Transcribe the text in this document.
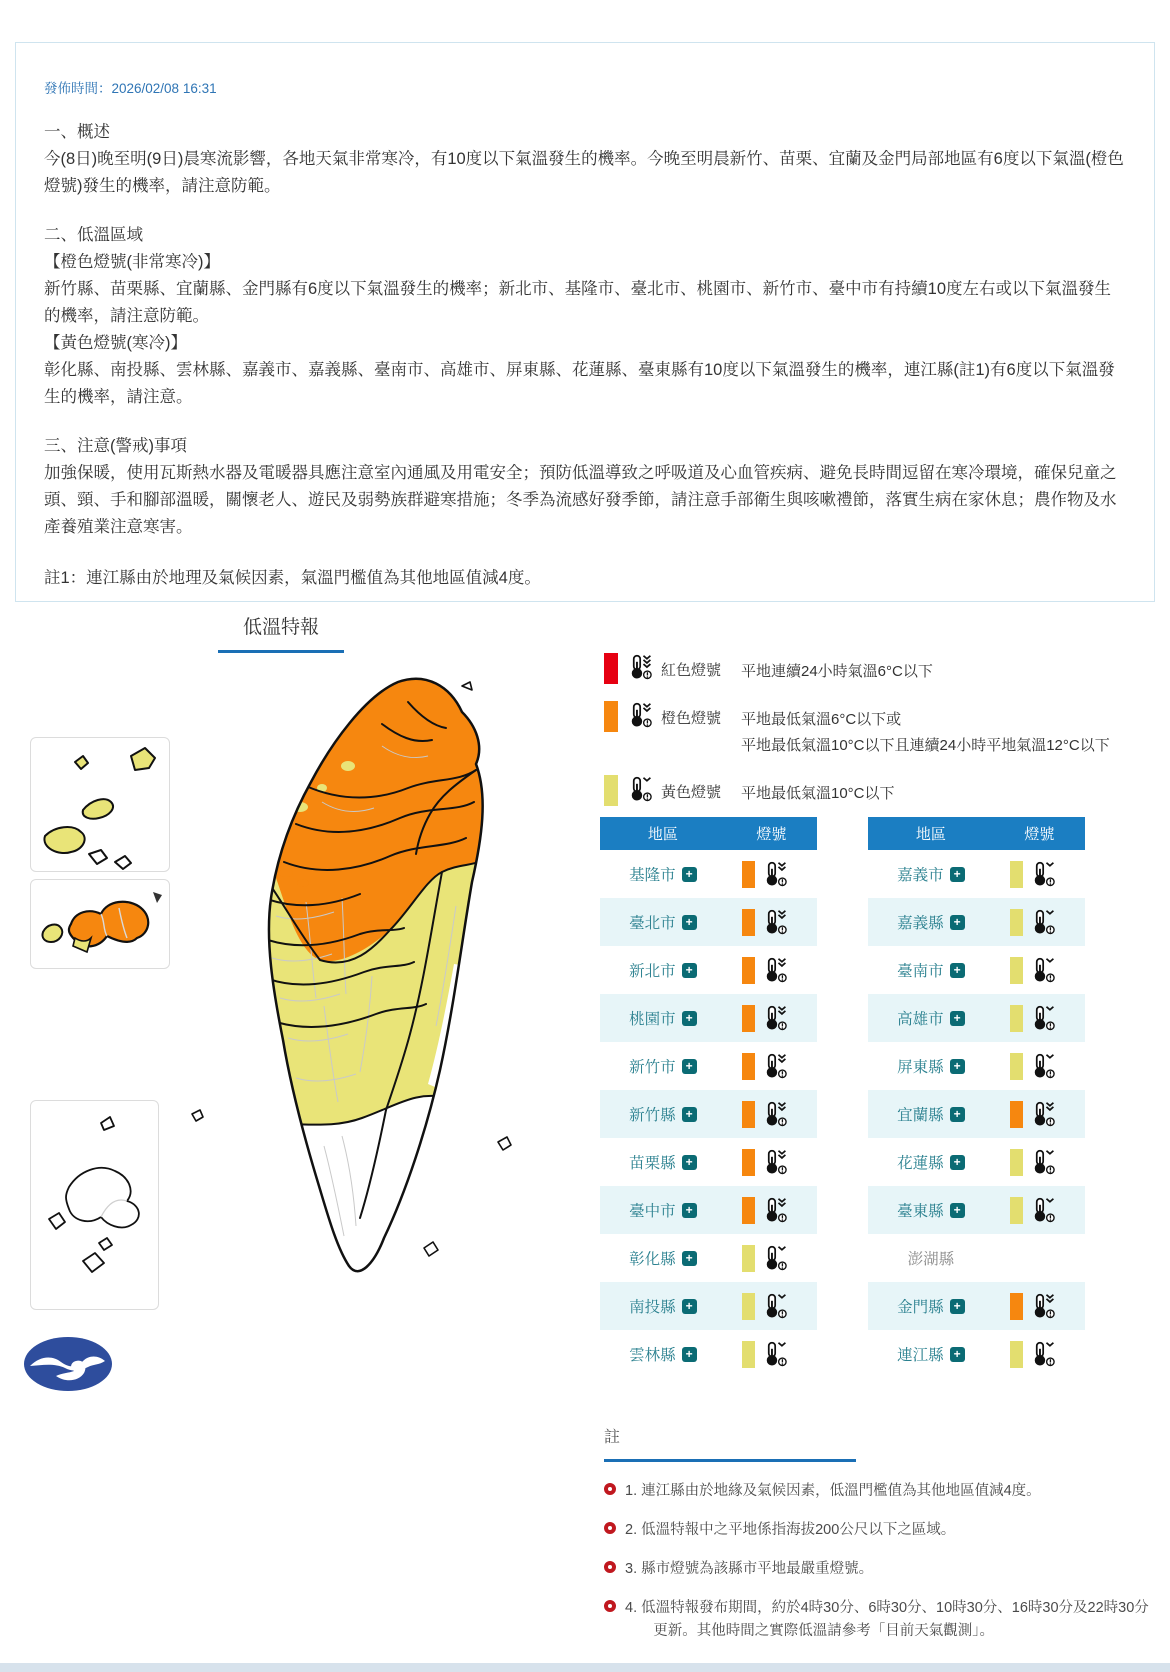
發佈時間：2026/02/08 16:31
一、概述

今(8日)晚至明(9日)晨寒流影響，各地天氣非常寒冷，有10度以下氣溫發生的機率。今晚至明晨新竹、苗栗、宜蘭及金門局部地區有6度以下氣溫(橙色燈號)發生的機率，請注意防範。

二、低溫區域

【橙色燈號(非常寒冷)】

新竹縣、苗栗縣、宜蘭縣、金門縣有6度以下氣溫發生的機率；新北市、基隆市、臺北市、桃園市、新竹市、臺中市有持續10度左右或以下氣溫發生的機率，請注意防範。

【黃色燈號(寒冷)】

彰化縣、南投縣、雲林縣、嘉義市、嘉義縣、臺南市、高雄市、屏東縣、花蓮縣、臺東縣有10度以下氣溫發生的機率，連江縣(註1)有6度以下氣溫發生的機率，請注意。

三、注意(警戒)事項

加強保暖，使用瓦斯熱水器及電暖器具應注意室內通風及用電安全；預防低溫導致之呼吸道及心血管疾病、避免長時間逗留在寒冷環境，確保兒童之頭、頸、手和腳部溫暖，關懷老人、遊民及弱勢族群避寒措施；冬季為流感好發季節，請注意手部衛生與咳嗽禮節，落實生病在家休息；農作物及水產養殖業注意寒害。

註1：連江縣由於地理及氣候因素，氣溫門檻值為其他地區值減4度。
低溫特報
紅色燈號	平地連續24小時氣溫6°C以下
橙色燈號	平地最低氣溫6°C以下或
平地最低氣溫10°C以下且連續24小時平地氣溫12°C以下
黃色燈號	平地最低氣溫10°C以下
地區	燈號
基隆市 +
臺北市 +
新北市 +
桃園市 +
新竹市 +
新竹縣 +
苗栗縣 +
臺中市 +
彰化縣 +
南投縣 +
雲林縣 +
地區	燈號
嘉義市 +
嘉義縣 +
臺南市 +
高雄市 +
屏東縣 +
宜蘭縣 +
花蓮縣 +
臺東縣 +
澎湖縣
金門縣 +
連江縣 +
註
1. 連江縣由於地緣及氣候因素，低溫門檻值為其他地區值減4度。
2. 低溫特報中之平地係指海拔200公尺以下之區域。
3. 縣市燈號為該縣市平地最嚴重燈號。
4. 低溫特報發布期間，約於4時30分、6時30分、10時30分、16時30分及22時30分更新。其他時間之實際低溫請參考「目前天氣觀測」。
